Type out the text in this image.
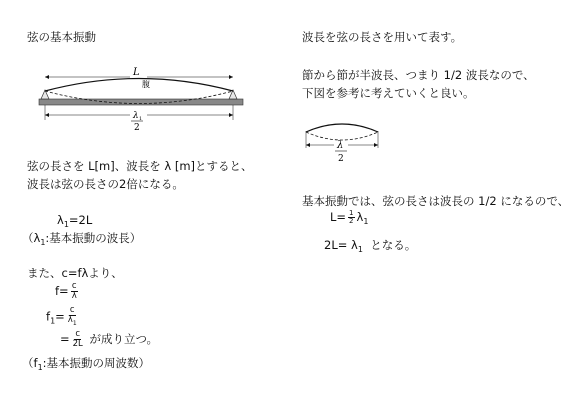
弦の基本振動
L
腹
λ 1
2
弦の長さを L[m]、波長を λ [m]とすると、
波長は弦の長さの2倍になる。
$\lambda_1=2L$
（$\lambda_1$:基本振動の波長）
また、c=fλより、
$f= \frac{c}{\lambda}$
$f_1= \frac{c}{\lambda_1}$
= $\frac{c}{2L}$ が成り立つ。
（$f_1$:基本振動の周波数）
波長を弦の長さを用いて表す。
節から節が半波長、つまり 1/2 波長なので、
下図を参考に考えていくと良い。
λ
2
基本振動では、弦の長さは波長の 1/2 になるので、
$L= \frac{1}{2} \lambda_1$
$2L= \lambda_1$ となる。
